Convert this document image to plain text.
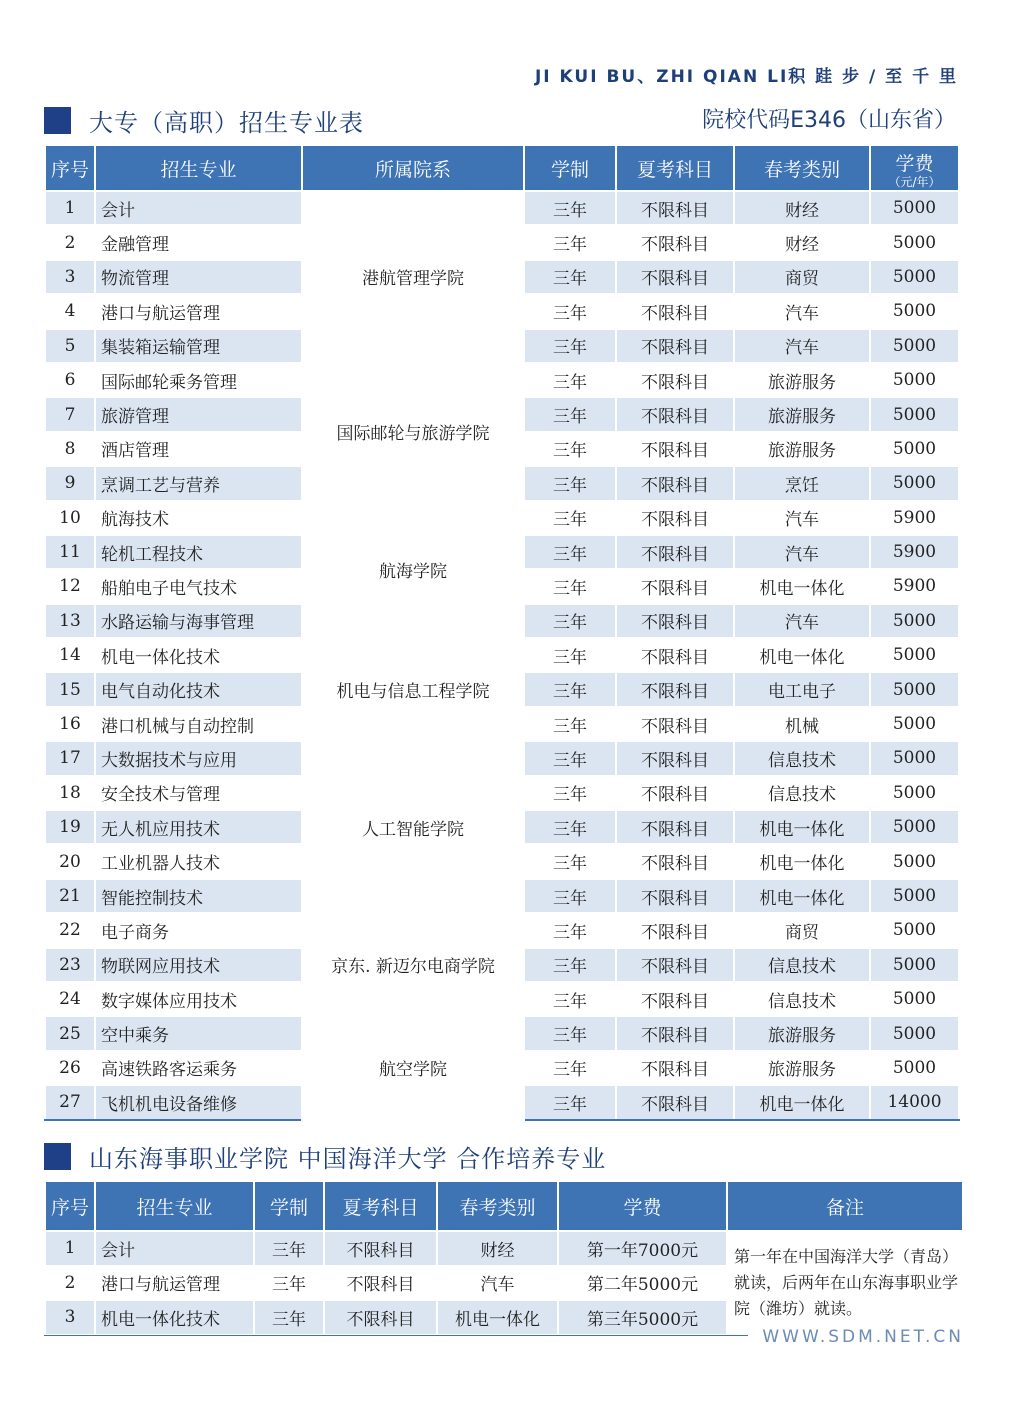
JI KUI BU、ZHI QIAN LI积 跬 步 / 至 千 里
大专（高职）招生专业表	院校代码E346（山东省）
序号	招生专业	所属院系	学制	夏考科目	春考类别	学费
（元/年）

1	会计	港航管理学院	三年	不限科目	财经	5000
2	金融管理		三年	不限科目	财经	5000
3	物流管理		三年	不限科目	商贸	5000
4	港口与航运管理		三年	不限科目	汽车	5000
5	集装箱运输管理		三年	不限科目	汽车	5000
6	国际邮轮乘务管理	国际邮轮与旅游学院	三年	不限科目	旅游服务	5000
7	旅游管理		三年	不限科目	旅游服务	5000
8	酒店管理		三年	不限科目	旅游服务	5000
9	烹调工艺与营养		三年	不限科目	烹饪	5000
10	航海技术	航海学院	三年	不限科目	汽车	5900
11	轮机工程技术		三年	不限科目	汽车	5900
12	船舶电子电气技术		三年	不限科目	机电一体化	5900
13	水路运输与海事管理		三年	不限科目	汽车	5000
14	机电一体化技术	机电与信息工程学院	三年	不限科目	机电一体化	5000
15	电气自动化技术		三年	不限科目	电工电子	5000
16	港口机械与自动控制		三年	不限科目	机械	5000
17	大数据技术与应用	人工智能学院	三年	不限科目	信息技术	5000
18	安全技术与管理		三年	不限科目	信息技术	5000
19	无人机应用技术		三年	不限科目	机电一体化	5000
20	工业机器人技术		三年	不限科目	机电一体化	5000
21	智能控制技术		三年	不限科目	机电一体化	5000
22	电子商务	京东. 新迈尔电商学院	三年	不限科目	商贸	5000
23	物联网应用技术		三年	不限科目	信息技术	5000
24	数字媒体应用技术		三年	不限科目	信息技术	5000
25	空中乘务	航空学院	三年	不限科目	旅游服务	5000
26	高速铁路客运乘务		三年	不限科目	旅游服务	5000
27	飞机机电设备维修		三年	不限科目	机电一体化	14000
山东海事职业学院 中国海洋大学 合作培养专业
序号	招生专业	学制	夏考科目	春考类别	学费	备注
1	会计	三年	不限科目	财经	第一年7000元	第一年在中国海洋大学（青岛）就读，后两年在山东海事职业学院（潍坊）就读。
2	港口与航运管理	三年	不限科目	汽车	第二年5000元	
3	机电一体化技术	三年	不限科目	机电一体化	第三年5000元	
WWW.SDM.NET.CN
